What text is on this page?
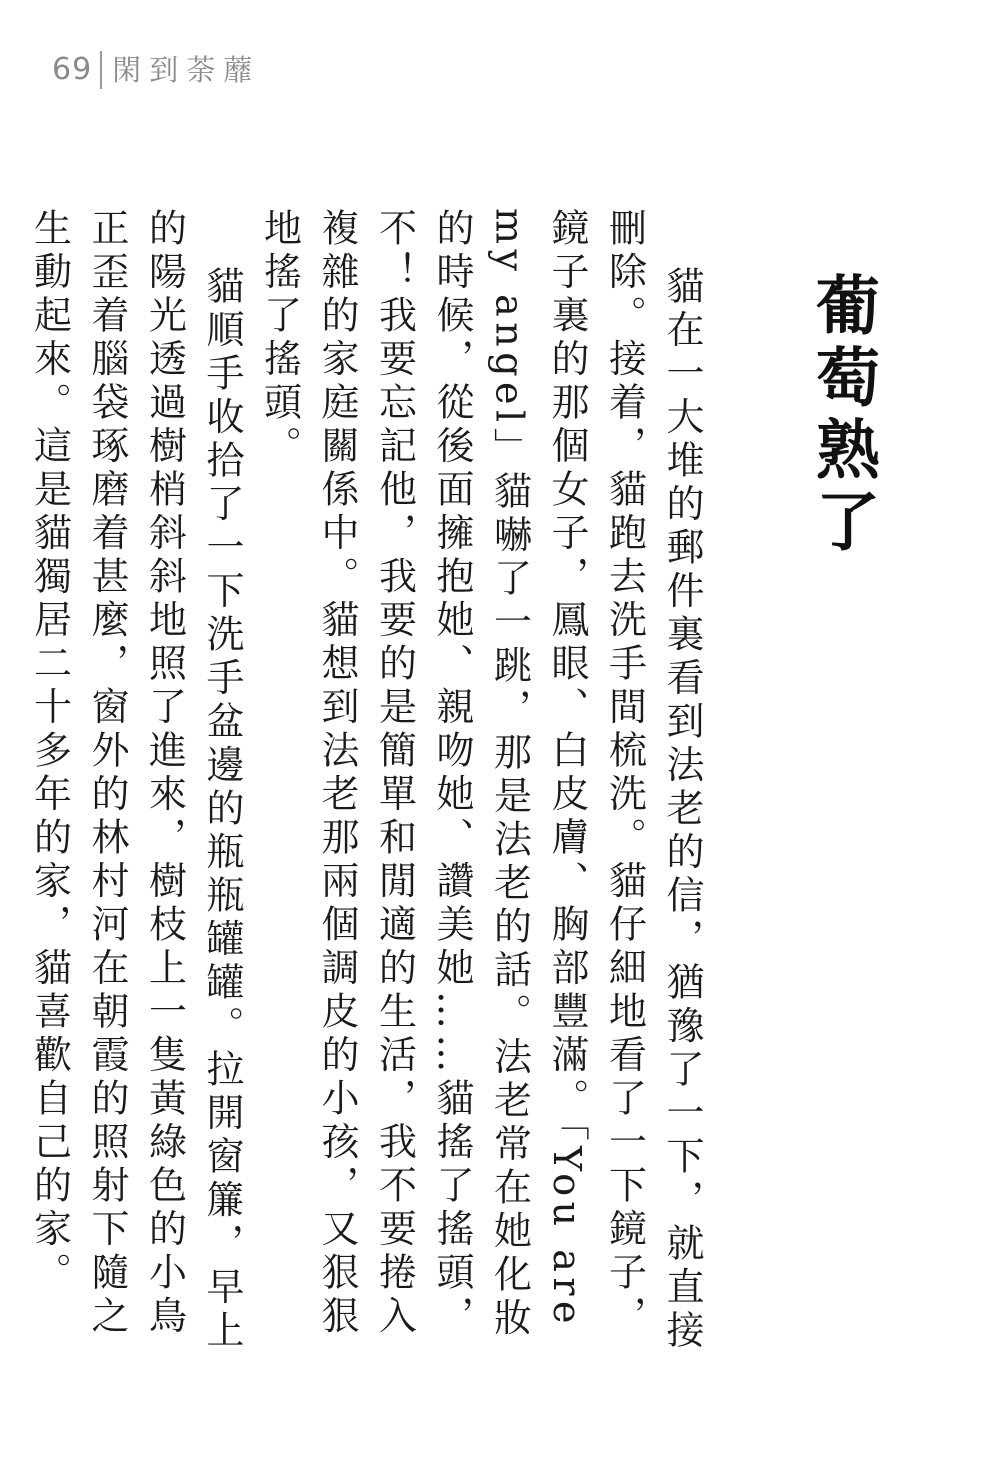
69 閑到荼蘼
葡萄熟了

貓在一大堆的郵件裏看到法老的信，猶豫了一下，就直接刪除。接着，貓跑去洗手間梳洗。貓仔細地看了一下鏡子，鏡子裏的那個女子，鳳眼、白皮膚、胸部豐滿。「You are my angel」貓嚇了一跳，那是法老的話。法老常在她化妝的時候，從後面擁抱她、親吻她、讚美她……貓搖了搖頭，不！我要忘記他，我要的是簡單和閒適的生活，我不要捲入複雜的家庭關係中。貓想到法老那兩個調皮的小孩，又狠狠地搖了搖頭。

貓順手收拾了一下洗手盆邊的瓶瓶罐罐。拉開窗簾，早上的陽光透過樹梢斜斜地照了進來，樹枝上一隻黃綠色的小鳥正歪着腦袋琢磨着甚麼，窗外的林村河在朝霞的照射下隨之生動起來。這是貓獨居二十多年的家，貓喜歡自己的家。
